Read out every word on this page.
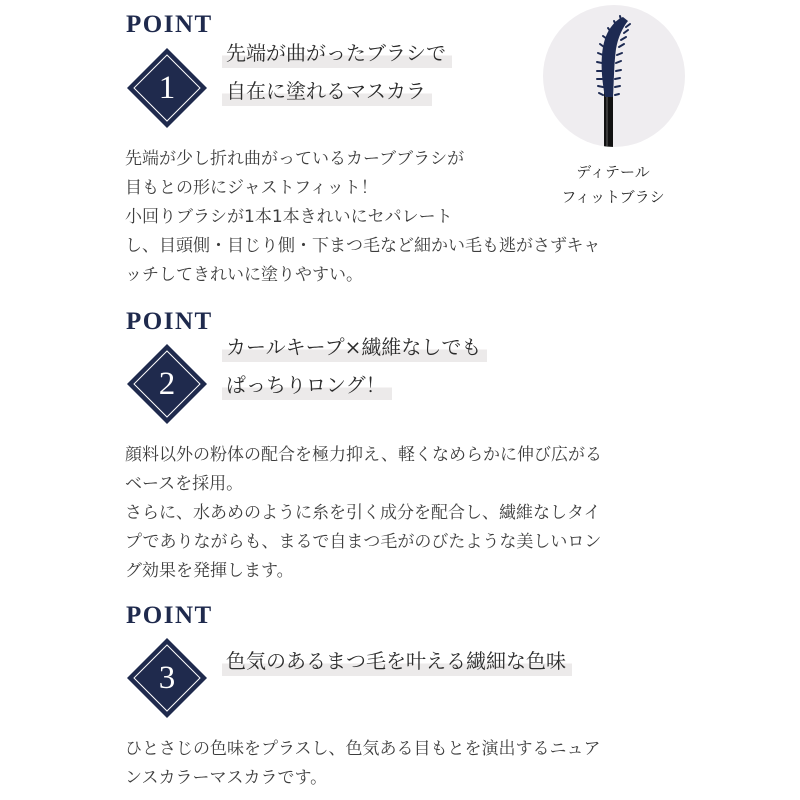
POINT
1
先端が曲がったブラシで
自在に塗れるマスカラ
先端が少し折れ曲がっているカーブブラシが
目もとの形にジャストフィット！
小回りブラシが1本1本きれいにセパレート
し、目頭側・目じり側・下まつ毛など細かい毛も逃がさずキャ
ッチしてきれいに塗りやすい。
ディテール
フィットブラシ
POINT
2
カールキープ×繊維なしでも
ぱっちりロング！
顔料以外の粉体の配合を極力抑え、軽くなめらかに伸び広がる
ベースを採用。
さらに、水あめのように糸を引く成分を配合し、繊維なしタイ
プでありながらも、まるで自まつ毛がのびたような美しいロン
グ効果を発揮します。
POINT
3	色気のあるまつ毛を叶える繊細な色味
ひとさじの色味をプラスし、色気ある目もとを演出するニュア
ンスカラーマスカラです。
